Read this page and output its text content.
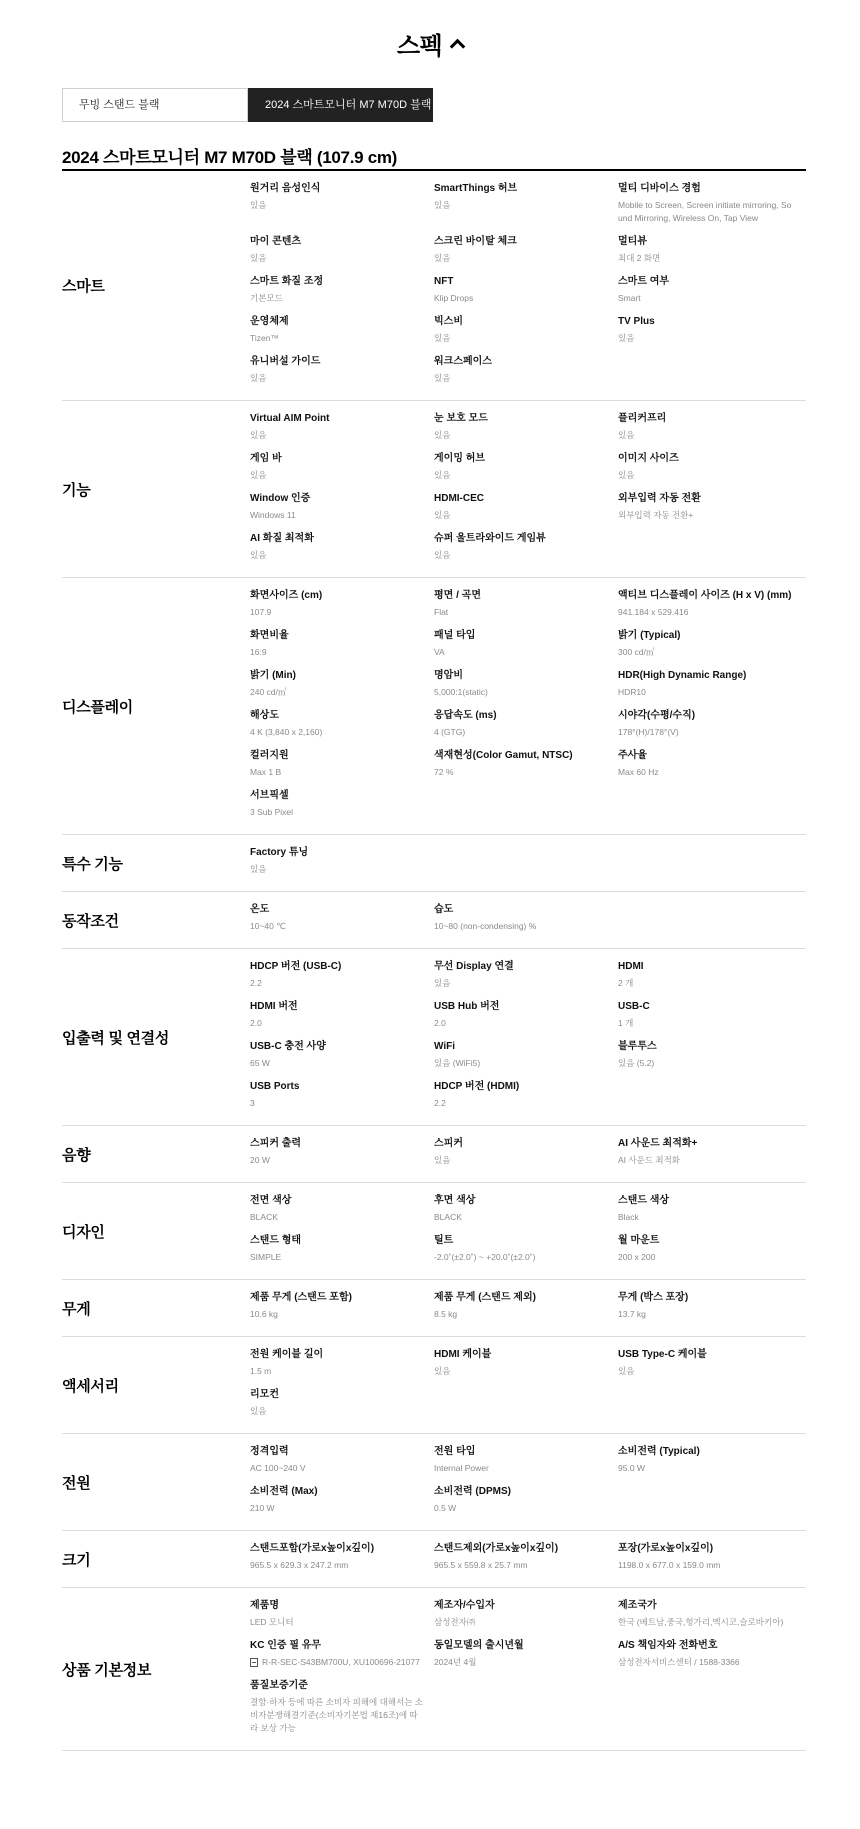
스펙
무빙 스탠드 블랙	2024 스마트모니터 M7 M70D 블랙 (107.9 ...
2024 스마트모니터 M7 M70D 블랙 (107.9 cm)
스마트
원거리 음성인식
있음
SmartThings 허브
있음
멀티 디바이스 경험
Mobile to Screen, Screen initiate mirroring, Sound Mirroring, Wireless On, Tap View
마이 콘텐츠
있음
스크린 바이탈 체크
있음
멀티뷰
최대 2 화면
스마트 화질 조정
기본모드
NFT
Klip Drops
스마트 여부
Smart
운영체제
Tizen™
빅스비
있음
TV Plus
있음
유니버설 가이드
있음
워크스페이스
있음
기능
Virtual AIM Point
있음
눈 보호 모드
있음
플리커프리
있음
게임 바
있음
게이밍 허브
있음
이미지 사이즈
있음
Window 인증
Windows 11
HDMI-CEC
있음
외부입력 자동 전환
외부입력 자동 전환+
AI 화질 최적화
있음
슈퍼 울트라와이드 게임뷰
있음
디스플레이
화면사이즈 (cm)
107.9
평면 / 곡면
Flat
액티브 디스플레이 사이즈 (H x V) (mm)
941.184 x 529.416
화면비율
16:9
패널 타입
VA
밝기 (Typical)
300 cd/㎡
밝기 (Min)
240 cd/㎡
명암비
5,000:1(static)
HDR(High Dynamic Range)
HDR10
해상도
4 K (3,840 x 2,160)
응답속도 (ms)
4 (GTG)
시야각(수평/수직)
178°(H)/178°(V)
컬러지원
Max 1 B
색재현성(Color Gamut, NTSC)
72 %
주사율
Max 60 Hz
서브픽셀
3 Sub Pixel
특수 기능
Factory 튜닝
있음
동작조건
온도
10~40 ℃
습도
10~80 (non-condensing) %
입출력 및 연결성
HDCP 버전 (USB-C)
2.2
무선 Display 연결
있음
HDMI
2 개
HDMI 버전
2.0
USB Hub 버전
2.0
USB-C
1 개
USB-C 충전 사양
65 W
WiFi
있음 (WiFi5)
블루투스
있음 (5.2)
USB Ports
3
HDCP 버전 (HDMI)
2.2
음향
스피커 출력
20 W
스피커
있음
AI 사운드 최적화+
AI 사운드 최적화
디자인
전면 색상
BLACK
후면 색상
BLACK
스탠드 색상
Black
스탠드 형태
SIMPLE
틸트
-2.0˚(±2.0˚) ~ +20.0˚(±2.0˚)
월 마운트
200 x 200
무게
제품 무게 (스탠드 포함)
10.6 kg
제품 무게 (스탠드 제외)
8.5 kg
무게 (박스 포장)
13.7 kg
액세서리
전원 케이블 길이
1.5 m
HDMI 케이블
있음
USB Type-C 케이블
있음
리모컨
있음
전원
정격입력
AC 100~240 V
전원 타입
Internal Power
소비전력 (Typical)
95.0 W
소비전력 (Max)
210 W
소비전력 (DPMS)
0.5 W
크기
스탠드포함(가로x높이x깊이)
965.5 x 629.3 x 247.2 mm
스탠드제외(가로x높이x깊이)
965.5 x 559.8 x 25.7 mm
포장(가로x높이x깊이)
1198.0 x 677.0 x 159.0 mm
상품 기본정보
제품명
LED 모니터
제조자/수입자
삼성전자㈜
제조국가
한국 (베트남,중국,헝가리,멕시코,슬로바키아)
KC 인증 필 유무
R-R-SEC-S43BM700U, XU100696-21077
동일모델의 출시년월
2024년 4월
A/S 책임자와 전화번호
삼성전자서비스센터 / 1588-3366
품질보증기준
결함·하자 등에 따른 소비자 피해에 대해서는 소비자분쟁해결기준(소비자기본법 제16조)에 따라 보상 가능
